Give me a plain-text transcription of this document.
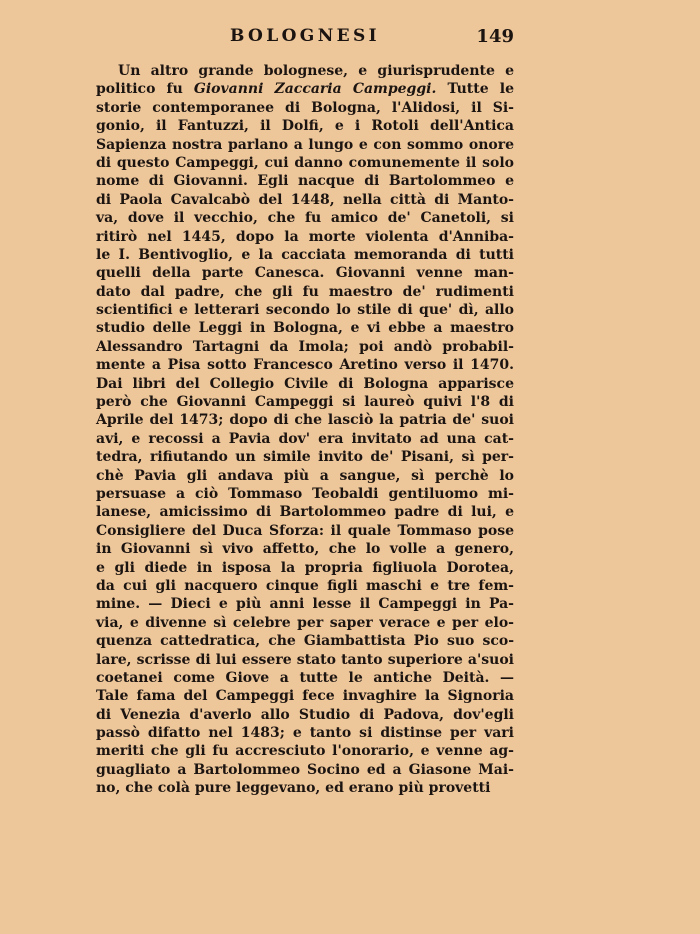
BOLOGNESI	149
Un altro grande bolognese, e giurisprudente e
politico fu Giovanni Zaccaria Campeggi. Tutte le
storie contemporanee di Bologna, l'Alidosi, il Si-
gonio, il Fantuzzi, il Dolfi, e i Rotoli dell'Antica
Sapienza nostra parlano a lungo e con sommo onore
di questo Campeggi, cui danno comunemente il solo
nome di Giovanni. Egli nacque di Bartolommeo e
di Paola Cavalcabò del 1448, nella città di Manto-
va, dove il vecchio, che fu amico de' Canetoli, si
ritirò nel 1445, dopo la morte violenta d'Anniba-
le I. Bentivoglio, e la cacciata memoranda di tutti
quelli della parte Canesca. Giovanni venne man-
dato dal padre, che gli fu maestro de' rudimenti
scientifici e letterari secondo lo stile di que' dì, allo
studio delle Leggi in Bologna, e vi ebbe a maestro
Alessandro Tartagni da Imola; poi andò probabil-
mente a Pisa sotto Francesco Aretino verso il 1470.
Dai libri del Collegio Civile di Bologna apparisce
però che Giovanni Campeggi si laureò quivi l'8 di
Aprile del 1473; dopo di che lasciò la patria de' suoi
avi, e recossi a Pavia dov' era invitato ad una cat-
tedra, rifiutando un simile invito de' Pisani, sì per-
chè Pavia gli andava più a sangue, sì perchè lo
persuase a ciò Tommaso Teobaldi gentiluomo mi-
lanese, amicissimo di Bartolommeo padre di lui, e
Consigliere del Duca Sforza: il quale Tommaso pose
in Giovanni sì vivo affetto, che lo volle a genero,
e gli diede in isposa la propria figliuola Dorotea,
da cui gli nacquero cinque figli maschi e tre fem-
mine. — Dieci e più anni lesse il Campeggi in Pa-
via, e divenne sì celebre per saper verace e per elo-
quenza cattedratica, che Giambattista Pio suo sco-
lare, scrisse di lui essere stato tanto superiore a'suoi
coetanei come Giove a tutte le antiche Deità. —
Tale fama del Campeggi fece invaghire la Signoria
di Venezia d'averlo allo Studio di Padova, dov'egli
passò difatto nel 1483; e tanto si distinse per vari
meriti che gli fu accresciuto l'onorario, e venne ag-
guagliato a Bartolommeo Socino ed a Giasone Mai-
no, che colà pure leggevano, ed erano più provetti
